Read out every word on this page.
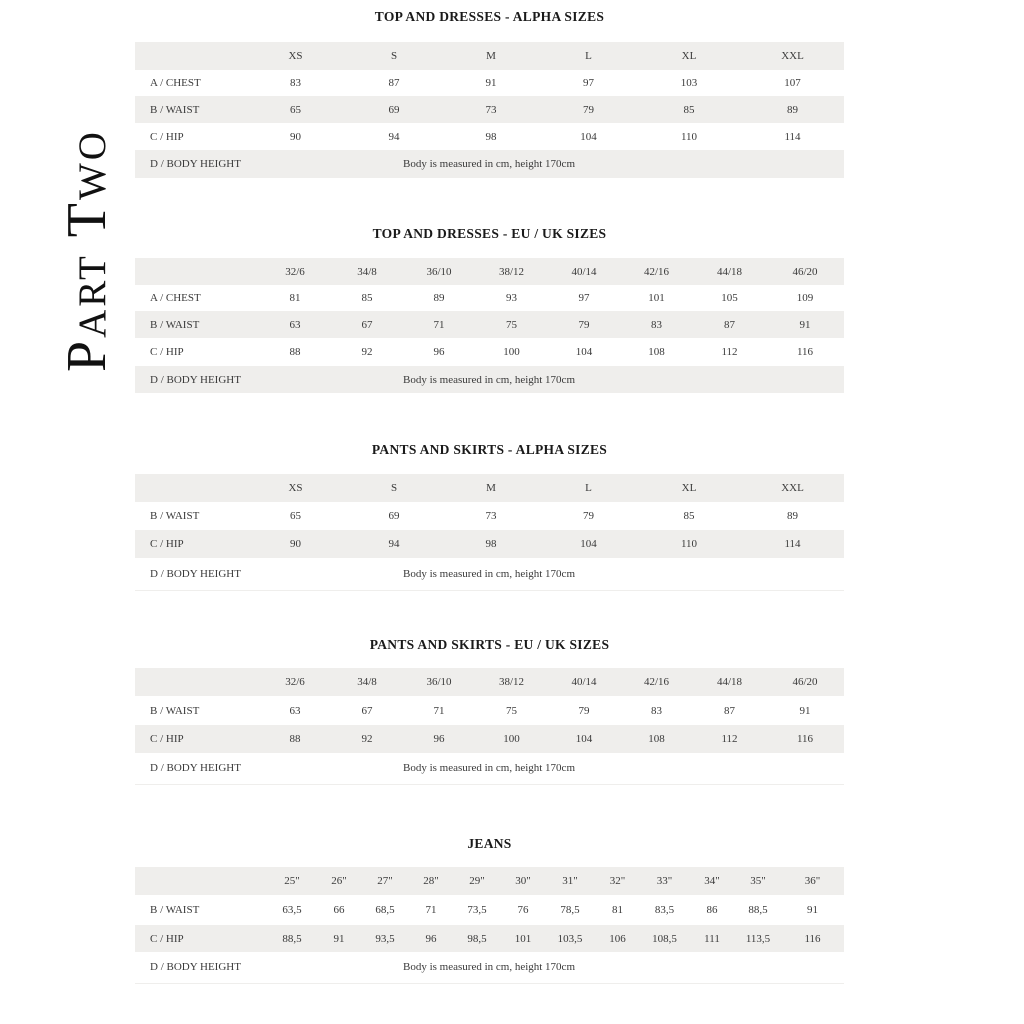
Part Two
TOP AND DRESSES - ALPHA SIZES
	XS	S	M	L	XL	XXL
A / CHEST	83	87	91	97	103	107
B / WAIST	65	69	73	79	85	89
C / HIP	90	94	98	104	110	114
D / BODY HEIGHT	Body is measured in cm, height 170cm					
TOP AND DRESSES - EU / UK SIZES
	32/6	34/8	36/10	38/12	40/14	42/16	44/18	46/20
A / CHEST	81	85	89	93	97	101	105	109
B / WAIST	63	67	71	75	79	83	87	91
C / HIP	88	92	96	100	104	108	112	116
D / BODY HEIGHT	Body is measured in cm, height 170cm							
PANTS AND SKIRTS - ALPHA SIZES
	XS	S	M	L	XL	XXL
B / WAIST	65	69	73	79	85	89
C / HIP	90	94	98	104	110	114
D / BODY HEIGHT	Body is measured in cm, height 170cm					
PANTS AND SKIRTS - EU / UK SIZES
	32/6	34/8	36/10	38/12	40/14	42/16	44/18	46/20
B / WAIST	63	67	71	75	79	83	87	91
C / HIP	88	92	96	100	104	108	112	116
D / BODY HEIGHT	Body is measured in cm, height 170cm							
JEANS
	25"	26"	27"	28"	29"	30"	31"	32"	33"	34"	35"	36"
B / WAIST	63,5	66	68,5	71	73,5	76	78,5	81	83,5	86	88,5	91
C / HIP	88,5	91	93,5	96	98,5	101	103,5	106	108,5	111	113,5	116
D / BODY HEIGHT	Body is measured in cm, height 170cm											
